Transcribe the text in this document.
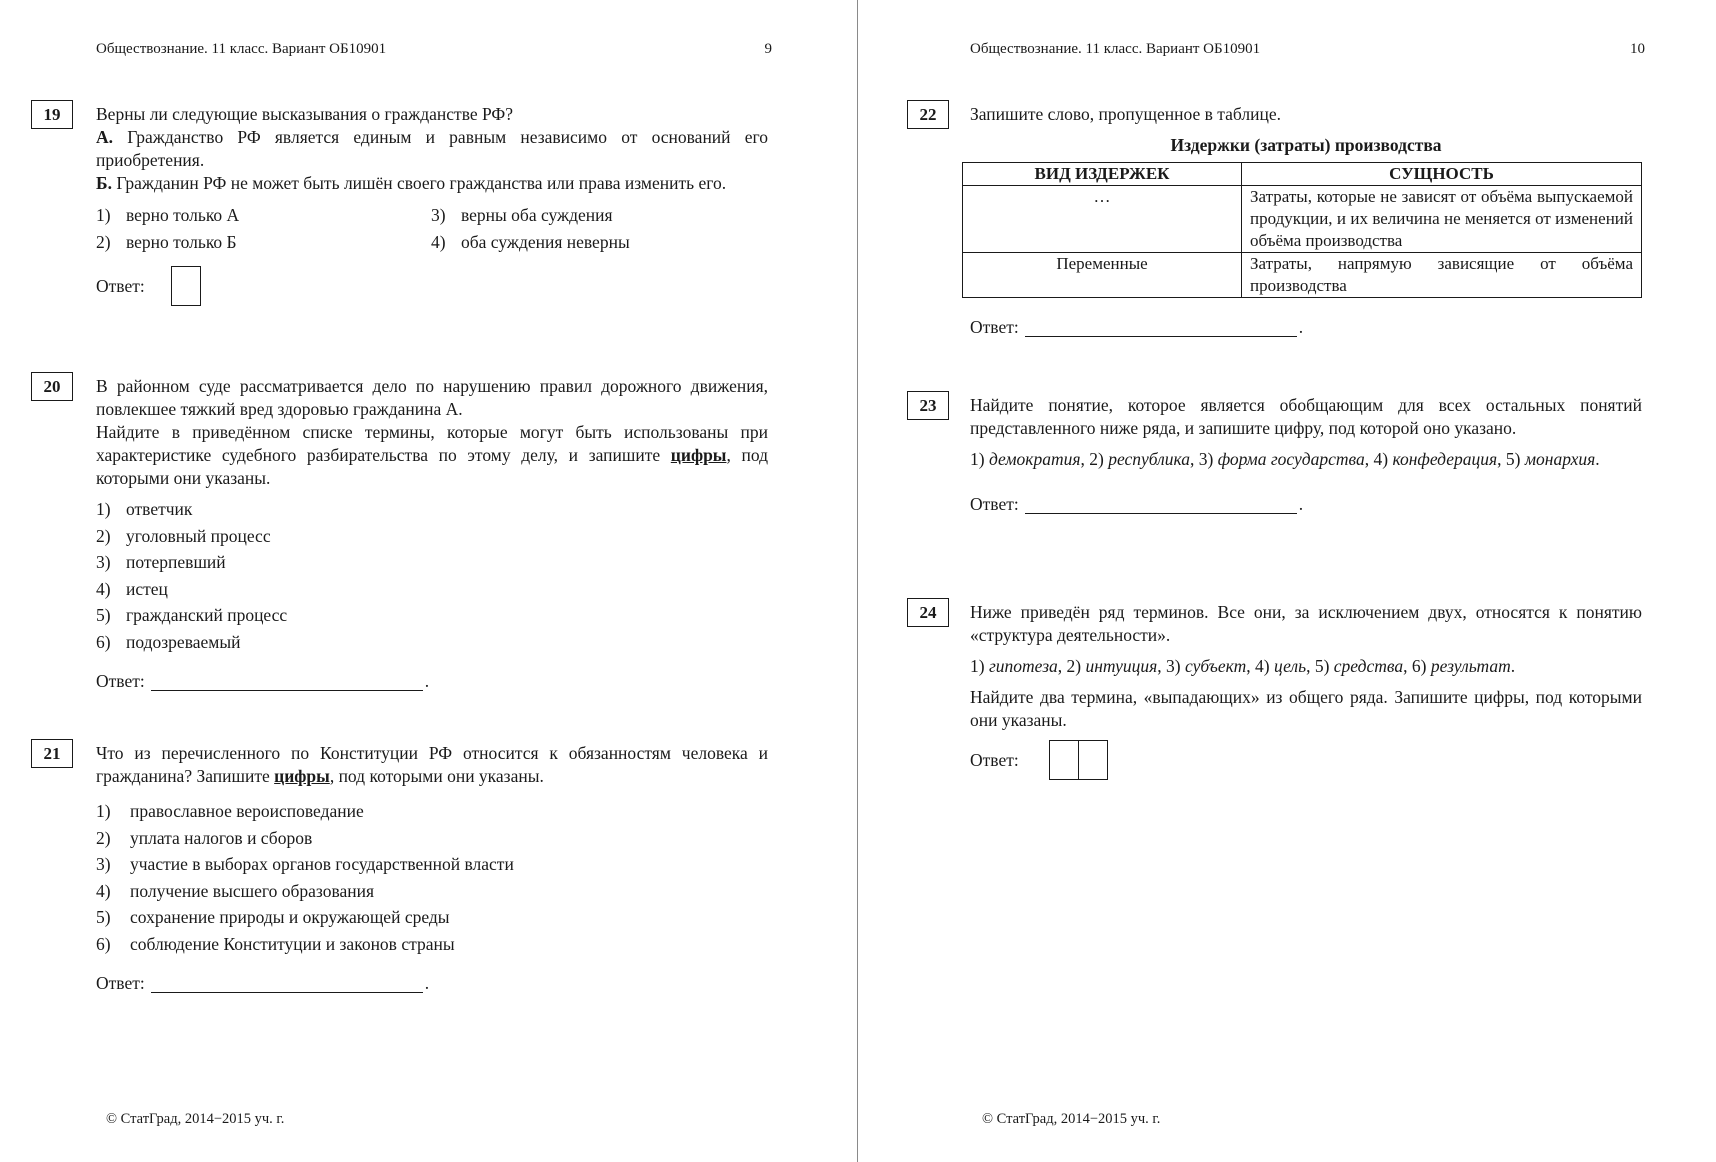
Обществознание. 11 класс. Вариант ОБ10901	9
19	Верны ли следующие высказывания о гражданстве РФ?

А. Гражданство РФ является единым и равным независимо от оснований его приобретения.

Б. Гражданин РФ не может быть лишён своего гражданства или права изменить его.

1) верно только А	3) верны оба суждения
2) верно только Б	4) оба суждения неверны
Ответ:
20	В районном суде рассматривается дело по нарушению правил дорожного движения, повлекшее тяжкий вред здоровью гражданина А.

Найдите в приведённом списке термины, которые могут быть использованы при характеристике судебного разбирательства по этому делу, и запишите цифры, под которыми они указаны.

1) ответчик
2) уголовный процесс
3) потерпевший
4) истец
5) гражданский процесс
6) подозреваемый
Ответ:	.
21	Что из перечисленного по Конституции РФ относится к обязанностям человека и гражданина? Запишите цифры, под которыми они указаны.

1)	православное вероисповедание
2)	уплата налогов и сборов
3)	участие в выборах органов государственной власти
4)	получение высшего образования
5)	сохранение природы и окружающей среды
6)	соблюдение Конституции и законов страны
Ответ:	.
© СтатГрад, 2014−2015 уч. г.
Обществознание. 11 класс. Вариант ОБ10901	10
22	Запишите слово, пропущенное в таблице.

Издержки (затраты) производства
ВИД ИЗДЕРЖЕК	СУЩНОСТЬ
…	Затраты, которые не зависят от объёма выпускаемой продукции, и их величина не меняется от изменений объёма производства
Переменные	Затраты, напрямую зависящие от объёма производства
Ответ:	.
23	Найдите понятие, которое является обобщающим для всех остальных понятий представленного ниже ряда, и запишите цифру, под которой оно указано.

1) демократия, 2) республика, 3) форма государства, 4) конфедерация, 5) монархия.

Ответ:	.
24	Ниже приведён ряд терминов. Все они, за исключением двух, относятся к понятию «структура деятельности».

1) гипотеза, 2) интуиция, 3) субъект, 4) цель, 5) средства, 6) результат.

Найдите два термина, «выпадающих» из общего ряда. Запишите цифры, под которыми они указаны.

Ответ:
© СтатГрад, 2014−2015 уч. г.
